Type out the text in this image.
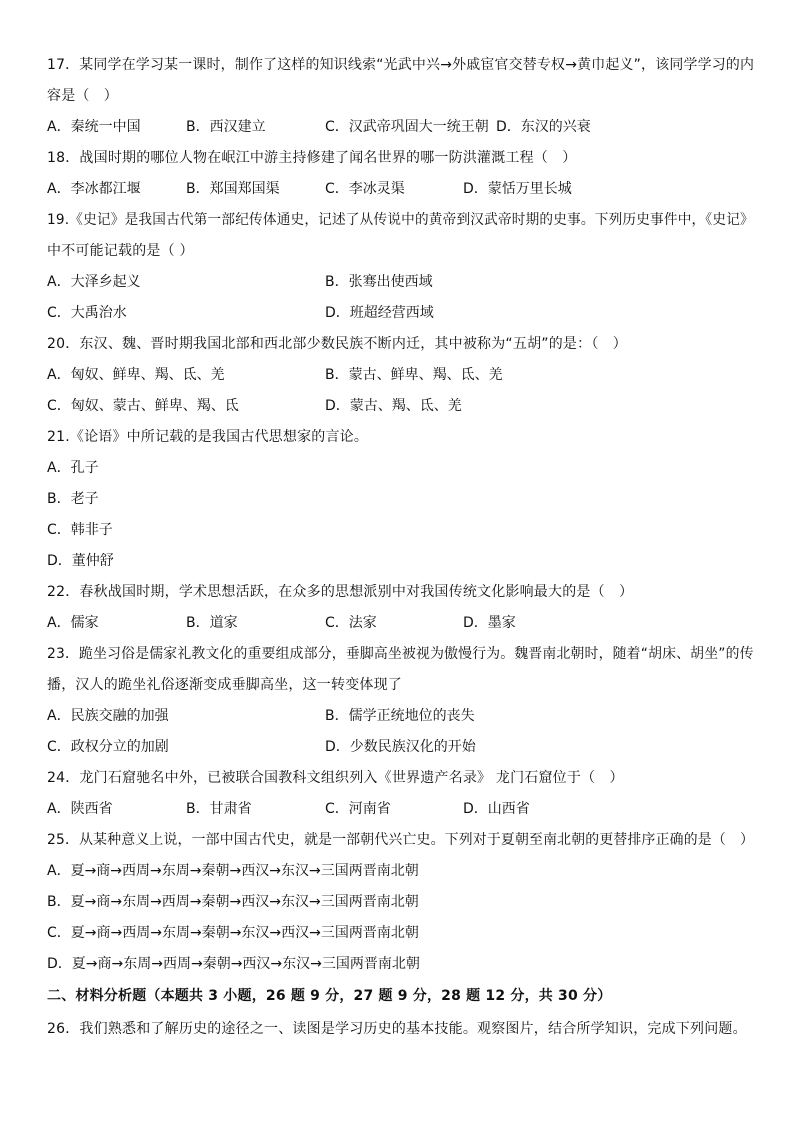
17．某同学在学习某一课时，制作了这样的知识线索“光武中兴→外戚宦官交替专权→黄巾起义”，该同学学习的内
容是（　）
A．秦统一中国	B．西汉建立	C．汉武帝巩固大一统王朝 D．东汉的兴衰
18．战国时期的哪位人物在岷江中游主持修建了闻名世界的哪一防洪灌溉工程（　）
A．李冰都江堰	B．郑国郑国渠	C．李冰灵渠	D．蒙恬万里长城
19.《史记》是我国古代第一部纪传体通史，记述了从传说中的黄帝到汉武帝时期的史事。下列历史事件中，《史记》
中不可能记载的是（ ）
A．大泽乡起义	B．张骞出使西域
C．大禹治水	D．班超经营西域
20．东汉、魏、晋时期我国北部和西北部少数民族不断内迁，其中被称为“五胡”的是：（　）
A．匈奴、鲜卑、羯、氐、羌	B．蒙古、鲜卑、羯、氐、羌
C．匈奴、蒙古、鲜卑、羯、氐	D．蒙古、羯、氐、羌
21.《论语》中所记载的是我国古代思想家的言论。
A．孔子
B．老子
C．韩非子
D．董仲舒
22．春秋战国时期，学术思想活跃，在众多的思想派别中对我国传统文化影响最大的是（　）
A．儒家	B．道家	C．法家	D．墨家
23．跪坐习俗是儒家礼教文化的重要组成部分，垂脚高坐被视为傲慢行为。魏晋南北朝时，随着“胡床、胡坐”的传
播，汉人的跪坐礼俗逐渐变成垂脚高坐，这一转变体现了
A．民族交融的加强	B．儒学正统地位的丧失
C．政权分立的加剧	D．少数民族汉化的开始
24．龙门石窟驰名中外，已被联合国教科文组织列入《世界遗产名录》 龙门石窟位于（　）
A．陕西省	B．甘肃省	C．河南省	D．山西省
25．从某种意义上说，一部中国古代史，就是一部朝代兴亡史。下列对于夏朝至南北朝的更替排序正确的是（　）
A．夏→商→西周→东周→秦朝→西汉→东汉→三国两晋南北朝
B．夏→商→东周→西周→秦朝→西汉→东汉→三国两晋南北朝
C．夏→商→西周→东周→秦朝→东汉→西汉→三国两晋南北朝
D．夏→商→东周→西周→秦朝→西汉→东汉→三国两晋南北朝
二、材料分析题（本题共 3 小题，26 题 9 分，27 题 9 分，28 题 12 分，共 30 分）
26．我们熟悉和了解历史的途径之一、读图是学习历史的基本技能。观察图片，结合所学知识，完成下列问题。
